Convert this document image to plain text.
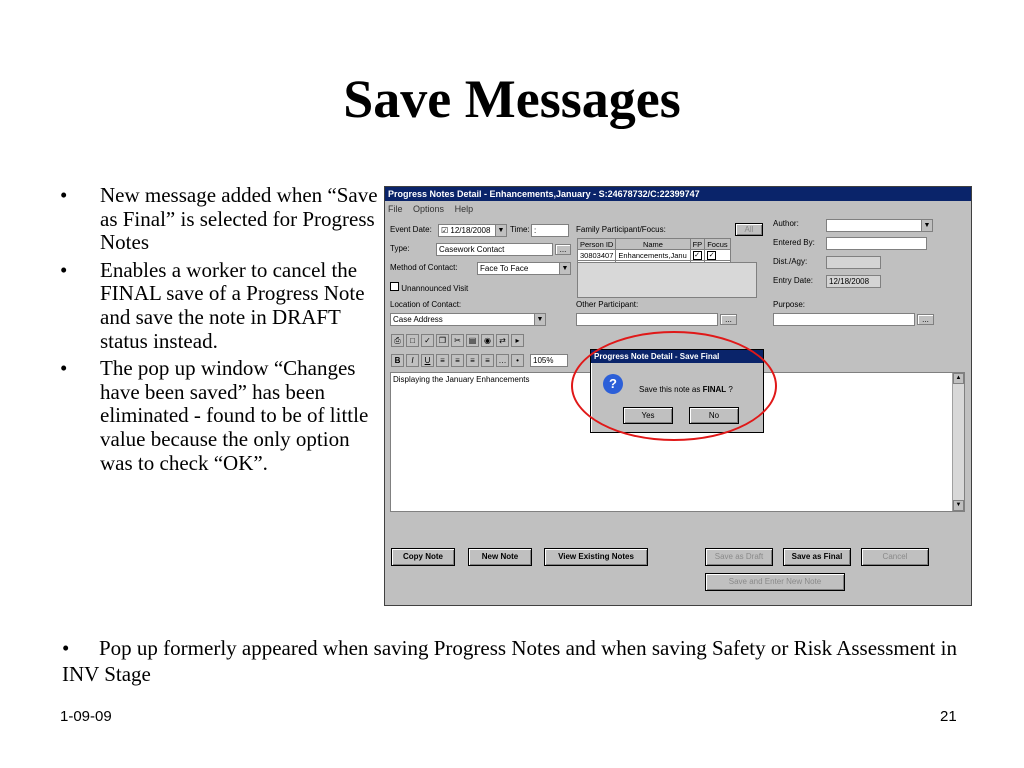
Save Messages
•	New message added when “Save as Final” is selected for Progress Notes
•	Enables a worker to cancel the FINAL save of a Progress Note and save the note in DRAFT status instead.
•	The pop up window “Changes have been saved” has been eliminated - found to be of little value because the only option was to check “OK”.
Progress Notes Detail - Enhancements,January - S:24678732/C:22399747
File Options Help
Event Date:	☑ 12/18/2008	▼ Time: :
Type:	Casework Contact	...
Method of Contact:	Face To Face	▼
Unannounced Visit
Location of Contact:
Case Address	▼
Family Participant/Focus:	All
Person ID	Name	FP	Focus
30803407	Enhancements,Janu	✓	✓

Other Participant:
...
Author:	▼
Entered By:
Dist./Agy:
Entry Date:	12/18/2008
Purpose:
...
⎙	□	✓	❐	✂ ▤ ◉	⇄	▸
B	I	U	≡	≡	≡	≡	…	•	105%
Displaying the January Enhancements	▲
▼
Copy Note	New Note	View Existing Notes	Save as Draft	Save as Final	Cancel
Save and Enter New Note
Progress Note Detail - Save Final
?	Save this note as FINAL ?
Yes	No
• Pop up formerly appeared when saving Progress Notes and when saving Safety or Risk Assessment in INV Stage
1-09-09	21
